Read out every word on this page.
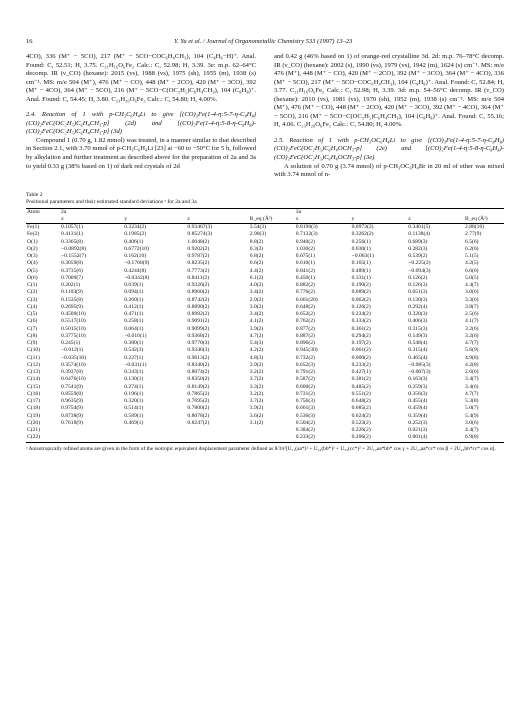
16	Y. Yu et al. / Journal of Organometallic Chemistry 533 (1997) 13–23

4CO), 336 (M⁺ − 5CO), 217 (M⁺ − 5CO−COC₆H₄CH₃), 104 (C₈H₈−H)⁺. Anal. Found: C, 52.51; H, 3.75. C₂₁H₁₆O₆Fe₂ Calc.: C, 52.98; H, 3.39. 3e: m.p. 62–64°C decomp. IR (ν_CO) (hexane): 2015 (vs), 1988 (vs), 1975 (sh), 1955 (m), 1938 (s) cm⁻¹. MS: m/e 504 (M⁺), 476 (M⁺ − CO), 448 (M⁺ − 2CO), 420 (M⁺ − 3CO), 392 (M⁺ − 4CO), 364 (M⁺ − 5CO), 216 (M⁺ − 5CO−C(OC₂H₅)C₆H₄CH₃), 104 (C₈H₈)⁺. Anal. Found: C, 54.45; H, 3.80. C₂₃H₂₀O₆Fe₂ Calc.: C, 54.80; H, 4.00%.

2.4. Reaction of 1 with p-CH₃C₆H₄Li to give [(CO)₃Fe(1-4-η:5-7-η-C₈H₈)(CO)₂FeC(OC₂H₅)C₆H₄CH₃-p] (2d) and [(CO)₂Fe(1-4-η:5-8-η-C₈H₈)-(CO)₂FeC(OC₂H₅)C₆H₄CH₃-p] (3d)

Compound 1 (0.70 g, 1.82 mmol) was treated, in a manner similar to that described in Section 2.1, with 3.70 mmol of p-CH₃C₆H₄Li [23] at −60 to −50°C for 5 h, followed by alkylation and further treatment as described above for the preparation of 2a and 3a to yield 0.33 g (38% based on 1) of dark red crystals of 2d

and 0.42 g (46% based on 1) of orange-red crystalline 3d. 2d: m.p. 76–78°C decomp. IR (ν_CO) (hexane): 2002 (s), 1990 (vs), 1979 (vs), 1942 (m), 1624 (s) cm⁻¹. MS: m/e 476 (M⁺), 448 (M⁺ − CO), 420 (M⁺ − 2CO), 392 (M⁺ − 3CO), 364 (M⁺ − 4CO), 336 (M⁺ − 5CO), 217 (M⁺ − 5CO−COC₆H₄CH₃), 104 (C₈H₈)⁺. Anal. Found: C, 52.84; H, 3.77. C₂₁H₁₆O₆Fe₂ Calc.: C, 52.98; H, 3.39. 3d: m.p. 54–56°C decomp. IR (ν_CO) (hexane): 2010 (vs), 1981 (vs), 1970 (sh), 1952 (m), 1938 (s) cm⁻¹. MS: m/e 504 (M⁺), 476 (M⁺ − CO), 448 (M⁺ − 2CO), 420 (M⁺ − 3CO), 392 (M⁺ − 4CO), 364 (M⁺ − 5CO), 216 (M⁺ − 5CO−C(OC₂H₅)C₆H₄CH₃), 104 (C₈H₈)⁺. Anal. Found: C, 55.16; H, 4.06. C₂₃H₂₀O₆Fe₂ Calc.: C, 54.80; H, 4.00%.

2.5. Reaction of 1 with p-CH₃OC₆H₄Li to give [(CO)₃Fe(1-4-η:5-7-η-C₈H₈)(CO)₂FeC(OC₂H₅)C₆H₄OCH₃-p] (2e) and [(CO)₂Fe(1-4-η:5-8-η-C₈H₈)-(CO)₂FeC(OC₂H₅)C₆H₄OCH₃-p] (3e)

A solution of 0.70 g (3.74 mmol) of p-CH₃OC₆H₄Br in 20 ml of ether was mixed with 3.74 mmol of n-

Table 2

Positional parameters and their estimated standard deviations ᵃ for 2a and 3a

Atom	2a				3a			
	x	y	z	B_eq (Å²)	x	y	z	B_eq (Å²)
Fe(1)	0.1057(1)	0.3234(2)	0.93467(3)	3.54(3)	0.8196(3)	0.0973(2)	0.3401(5)	2.88(10)
Fe(2)	0.4131(1)	0.1985(2)	0.85274(3)	2.90(3)	0.7132(3)	0.3262(2)	0.1138(4)	2.77(9)
O(1)	0.3365(8)	0.406(1)	1.0048(2)	8.8(2)	0.940(2)	0.256(1)	0.689(3)	6.5(6)
O(2)	−0.0892(8)	0.6772(10)	0.9202(2)	6.3(2)	1.030(2)	0.030(1)	0.282(3)	6.2(6)
O(3)	−0.1552(7)	0.162(10)	0.9787(2)	6.8(2)	0.675(1)	−0.063(1)	0.539(2)	5.1(5)
O(4)	0.3059(8)	−0.1768(9)	0.8235(2)	6.6(2)	0.610(1)	0.165(1)	−0.225(2)	4.2(5)
O(5)	0.3735(6)	0.4244(8)	0.7773(2)	4.4(2)	0.841(2)	0.489(1)	−0.094(3)	6.6(6)
O(6)	0.7009(7)	−0.0342(8)	0.8411(2)	6.1(2)	0.450(1)	0.331(1)	0.126(2)	5.0(5)
C(1)	0.202(1)	0.039(1)	0.9326(2)	4.0(2)	0.882(2)	0.190(2)	0.126(3)	4.4(7)
C(2)	0.1103(9)	0.094(1)	0.8960(2)	3.4(2)	0.776(2)	0.089(2)	0.051(3)	3.0(6)
C(3)	0.1535(8)	0.260(1)	0.8742(2)	2.9(2)	0.661(20)	0.062(2)	0.130(3)	3.3(6)
C(4)	0.2695(9)	0.412(1)	0.8890(2)	3.0(2)	0.648(2)	0.126(2)	0.292(4)	3.8(7)
C(5)	0.4500(10)	0.471(1)	0.8982(2)	3.4(2)	0.652(2)	0.234(2)	0.320(3)	2.5(6)
C(6)	0.5517(10)	0.258(1)	0.9091(2)	4.1(2)	0.762(2)	0.333(2)	0.406(3)	4.1(7)
C(7)	0.5015(10)	0.064(1)	0.9099(2)	3.9(2)	0.877(2)	0.361(2)	0.315(3)	3.2(6)
C(8)	0.3775(10)	−0.016(1)	0.9368(2)	4.7(2)	0.887(2)	0.294(2)	0.149(3)	3.2(6)
C(9)	0.245(1)	0.380(1)	0.9770(3)	5.4(3)	0.896(2)	0.197(2)	0.548(4)	4.7(7)
C(10)	−0.012(1)	0.542(3)	0.9346(3)	4.2(2)	0.945(30)	0.061(2)	0.315(4)	5.6(9)
C(11)	−0.035(10)	0.227(1)	0.9613(2)	4.8(3)	0.732(2)	0.000(2)	0.465(4)	4.9(8)
C(12)	0.3574(10)	−0.031(1)	0.8340(2)	3.9(2)	0.652(3)	0.233(2)	−0.085(3)	4.2(8)
C(13)	0.3937(8)	0.343(1)	0.8074(2)	3.2(2)	0.791(2)	0.427(1)	−0.007(3)	2.6(6)
C(14)	0.6476(10)	0.130(1)	0.8350(2)	3.7(2)	0.587(2)	0.381(2)	0.163(3)	3.4(7)
C(15)	0.7541(9)	0.274(1)	0.8149(2)	3.3(2)	0.600(2)	0.485(2)	0.259(3)	3.4(6)
C(16)	0.8559(8)	0.196(1)	0.7865(2)	3.2(2)	0.731(2)	0.551(2)	0.356(3)	4.7(7)
C(17)	0.9635(9)	0.320(1)	0.7695(2)	3.7(2)	0.756(3)	0.648(2)	0.455(4)	5.3(8)
C(18)	0.9754(9)	0.514(1)	0.7800(2)	3.9(2)	0.661(3)	0.685(2)	0.459(4)	5.0(7)
C(19)	0.8738(9)	0.589(1)	0.8078(2)	3.6(2)	0.536(3)	0.624(2)	0.359(4)	5.4(9)
C(20)	0.7618(9)	0.469(1)	0.8247(2)	3.1(2)	0.504(2)	0.523(2)	0.252(3)	3.0(6)
C(21)					0.384(2)	0.226(2)	0.021(3)	4.4(7)
C(22)					0.233(2)	0.206(2)	0.001(4)	6.9(8)
ᵃ Anisotropically refined atoms are given in the form of the isotropic equivalent displacement parameter defined as 8/3π²[U₁₁(aa*)² + U₂₂(bb*)² + U₃₃(cc*)² + 2U₁₂aa*bb* cos γ + 2U₁₃aa*cc* cos β + 2U₂₃bb*cc* cos α].
